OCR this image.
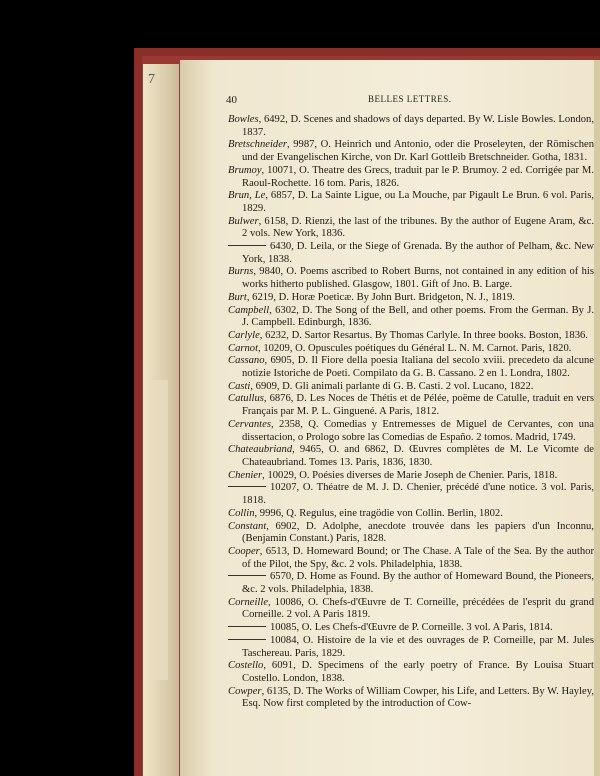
7
40	BELLES LETTRES.
Bowles, 6492, D. Scenes and shadows of days departed. By W. Lisle Bowles. London, 1837.
Bretschneider, 9987, O. Heinrich und Antonio, oder die Proseleyten, der Römischen und der Evangelischen Kirche, von Dr. Karl Gottleib Bretschneider. Gotha, 1831.
Brumoy, 10071, O. Theatre des Grecs, traduit par le P. Brumoy. 2 ed. Corrigée par M. Raoul-Rochette. 16 tom. Paris, 1826.
Brun, Le, 6857, D. La Sainte Ligue, ou La Mouche, par Pigault Le Brun. 6 vol. Paris, 1829.
Bulwer, 6158, D. Rienzi, the last of the tribunes. By the author of Eugene Aram, &c. 2 vols. New York, 1836.
6430, D. Leila, or the Siege of Grenada. By the author of Pelham, &c. New York, 1838.
Burns, 9840, O. Poems ascribed to Robert Burns, not contained in any edition of his works hitherto published. Glasgow, 1801. Gift of Jno. B. Large.
Burt, 6219, D. Horæ Poeticæ. By John Burt. Bridgeton, N. J., 1819.
Campbell, 6302, D. The Song of the Bell, and other poems. From the German. By J. J. Campbell. Edinburgh, 1836.
Carlyle, 6232, D. Sartor Resartus. By Thomas Carlyle. In three books. Boston, 1836.
Carnot, 10209, O. Opuscules poétiques du Général L. N. M. Carnot. Paris, 1820.
Cassano, 6905, D. Il Fiore della poesia Italiana del secolo xviii. precedeto da alcune notizie Istoriche de Poeti. Compilato da G. B. Cassano. 2 en 1. Londra, 1802.
Casti, 6909, D. Gli animali parlante di G. B. Casti. 2 vol. Lucano, 1822.
Catullus, 6876, D. Les Noces de Thétis et de Pélée, poëme de Catulle, traduit en vers Français par M. P. L. Ginguené. A Paris, 1812.
Cervantes, 2358, Q. Comedias y Entremesses de Miguel de Cervantes, con una dissertacion, o Prologo sobre las Comedias de Españo. 2 tomos. Madrid, 1749.
Chateaubriand, 9465, O. and 6862, D. Œuvres complètes de M. Le Vicomte de Chateaubriand. Tomes 13. Paris, 1836, 1830.
Chenier, 10029, O. Poésies diverses de Marie Joseph de Chenier. Paris, 1818.
10207, O. Théatre de M. J. D. Chenier, précédé d'une notice. 3 vol. Paris, 1818.
Collin, 9996, Q. Regulus, eine tragödie von Collin. Berlin, 1802.
Constant, 6902, D. Adolphe, anecdote trouvée dans les papiers d'un Inconnu, (Benjamin Constant.) Paris, 1828.
Cooper, 6513, D. Homeward Bound; or The Chase. A Tale of the Sea. By the author of the Pilot, the Spy, &c. 2 vols. Philadelphia, 1838.
6570, D. Home as Found. By the author of Homeward Bound, the Pioneers, &c. 2 vols. Philadelphia, 1838.
Corneille, 10086, O. Chefs-d'Œuvre de T. Corneille, précédées de l'esprit du grand Corneille. 2 vol. A Paris 1819.
10085, O. Les Chefs-d'Œuvre de P. Corneille. 3 vol. A Paris, 1814.
10084, O. Histoire de la vie et des ouvrages de P. Corneille, par M. Jules Taschereau. Paris, 1829.
Costello, 6091, D. Specimens of the early poetry of France. By Louisa Stuart Costello. London, 1838.
Cowper, 6135, D. The Works of William Cowper, his Life, and Letters. By W. Hayley, Esq. Now first completed by the introduction of Cow-
